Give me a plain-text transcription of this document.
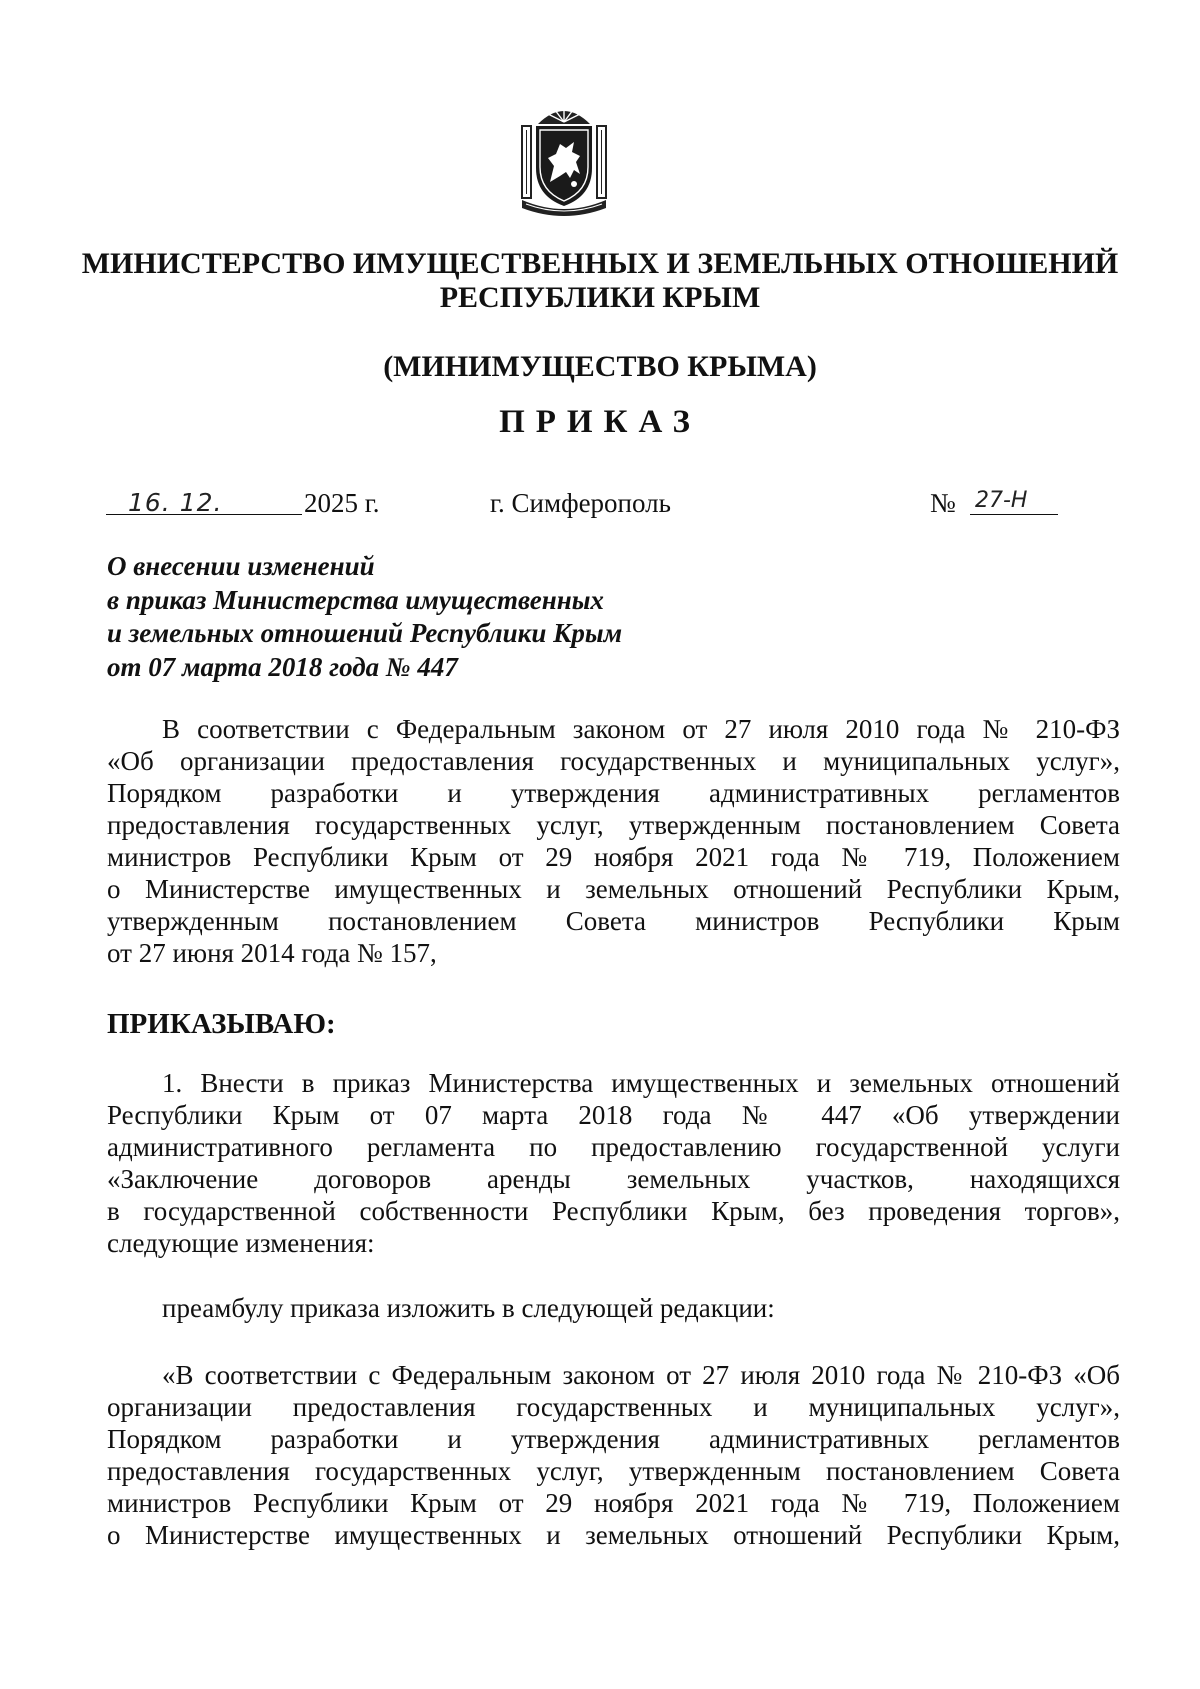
МИНИСТЕРСТВО ИМУЩЕСТВЕННЫХ И ЗЕМЕЛЬНЫХ ОТНОШЕНИЙ
РЕСПУБЛИКИ КРЫМ
(МИНИМУЩЕСТВО КРЫМА)
ПРИКАЗ
16. 12.	2025 г.	г. Симферополь	№ 27-Н
О внесении изменений
в приказ Министерства имущественных
и земельных отношений Республики Крым
от 07 марта 2018 года № 447
В соответствии с Федеральным законом от 27 июля 2010 года № 210-ФЗ
«Об организации предоставления государственных и муниципальных услуг»,
Порядком разработки и утверждения административных регламентов
предоставления государственных услуг, утвержденным постановлением Совета
министров Республики Крым от 29 ноября 2021 года № 719, Положением
о Министерстве имущественных и земельных отношений Республики Крым,
утвержденным постановлением Совета министров Республики Крым
от 27 июня 2014 года № 157,
ПРИКАЗЫВАЮ:
1. Внести в приказ Министерства имущественных и земельных отношений
Республики Крым от 07 марта 2018 года № 447 «Об утверждении
административного регламента по предоставлению государственной услуги
«Заключение договоров аренды земельных участков, находящихся
в государственной собственности Республики Крым, без проведения торгов»,
следующие изменения:
преамбулу приказа изложить в следующей редакции:
«В соответствии с Федеральным законом от 27 июля 2010 года № 210-ФЗ «Об
организации предоставления государственных и муниципальных услуг»,
Порядком разработки и утверждения административных регламентов
предоставления государственных услуг, утвержденным постановлением Совета
министров Республики Крым от 29 ноября 2021 года № 719, Положением
о Министерстве имущественных и земельных отношений Республики Крым,
